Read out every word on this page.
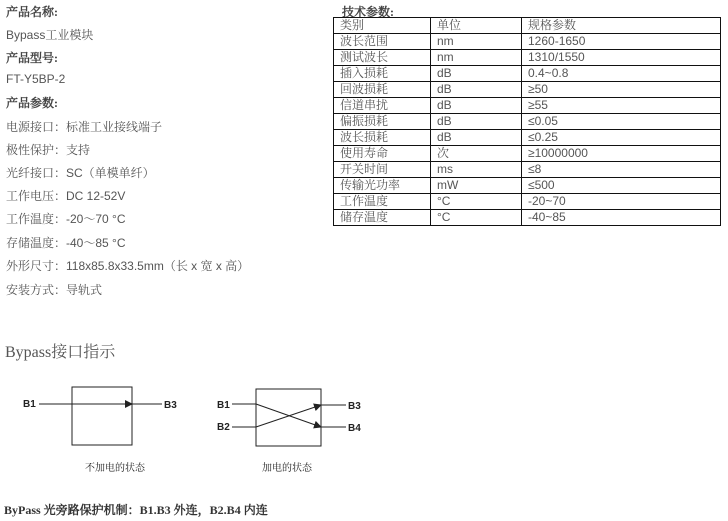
产品名称:
Bypass工业模块
产品型号:
FT-Y5BP-2
产品参数:
电源接口：标准工业接线端子
极性保护：支持
光纤接口：SC（单模单纤）
工作电压：DC 12-52V
工作温度：-20～70 °C
存储温度：-40～85 °C
外形尺寸：118x85.8x33.5mm（长 x 宽 x 高）
安装方式：导轨式
技术参数:
类别	单位	规格参数
波长范围	nm	1260-1650
测试波长	nm	1310/1550
插入损耗	dB	0.4~0.8
回波损耗	dB	≥50
信道串扰	dB	≥55
偏振损耗	dB	≤0.05
波长损耗	dB	≤0.25
使用寿命	次	≥10000000
开关时间	ms	≤8
传输光功率	mW	≤500
工作温度	°C	-20~70
储存温度	°C	-40~85
Bypass接口指示
B1	B3
不加电的状态
B1
B2
B3
B4
加电的状态
ByPass 光旁路保护机制：B1.B3 外连，B2.B4 内连
